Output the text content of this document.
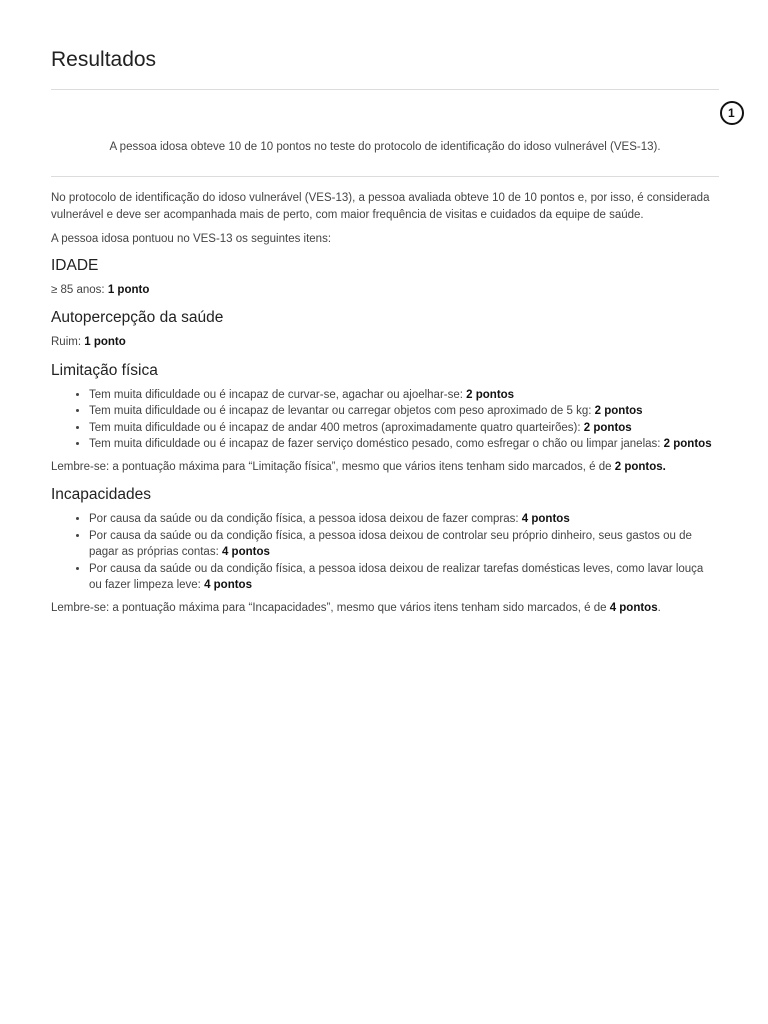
Resultados
1
A pessoa idosa obteve 10 de 10 pontos no teste do protocolo de identificação do idoso vulnerável (VES-13).

No protocolo de identificação do idoso vulnerável (VES-13), a pessoa avaliada obteve 10 de 10 pontos e, por isso, é considerada vulnerável e deve ser acompanhada mais de perto, com maior frequência de visitas e cuidados da equipe de saúde.

A pessoa idosa pontuou no VES-13 os seguintes itens:

IDADE

≥ 85 anos: 1 ponto

Autopercepção da saúde

Ruim: 1 ponto

Limitação física
• Tem muita dificuldade ou é incapaz de curvar-se, agachar ou ajoelhar-se: 2 pontos
• Tem muita dificuldade ou é incapaz de levantar ou carregar objetos com peso aproximado de 5 kg: 2 pontos
• Tem muita dificuldade ou é incapaz de andar 400 metros (aproximadamente quatro quarteirões): 2 pontos
• Tem muita dificuldade ou é incapaz de fazer serviço doméstico pesado, como esfregar o chão ou limpar janelas: 2 pontos

Lembre-se: a pontuação máxima para “Limitação física”, mesmo que vários itens tenham sido marcados, é de 2 pontos.

Incapacidades
• Por causa da saúde ou da condição física, a pessoa idosa deixou de fazer compras: 4 pontos
• Por causa da saúde ou da condição física, a pessoa idosa deixou de controlar seu próprio dinheiro, seus gastos ou de pagar as próprias contas: 4 pontos
• Por causa da saúde ou da condição física, a pessoa idosa deixou de realizar tarefas domésticas leves, como lavar louça ou fazer limpeza leve: 4 pontos

Lembre-se: a pontuação máxima para “Incapacidades”, mesmo que vários itens tenham sido marcados, é de 4 pontos.
